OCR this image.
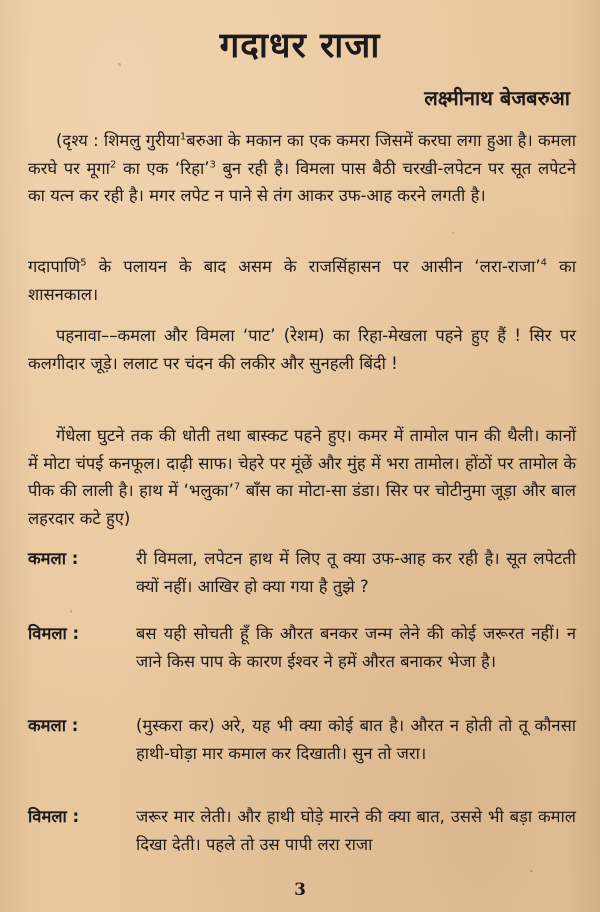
गदाधर राजा
लक्ष्मीनाथ बेजबरुआ
(दृश्य : शिमलु गुरीया$^1$बरुआ के मकान का एक कमरा जिसमें करघा लगा हुआ है। कमला करघे पर मूगा$^2$ का एक ‘रिहा’$^3$ बुन रही है। विमला पास बैठी चरखी-लपेटन पर सूत लपेटने का यत्न कर रही है। मगर लपेट न पाने से तंग आकर उफ-आह करने लगती है।
गदापाणि$^5$ के पलायन के बाद असम के राजसिंहासन पर आसीन ‘लरा-राजा’$^4$ का शासनकाल।
पहनावा––कमला और विमला ‘पाट’ (रेशम) का रिहा-मेखला पहने हुए हैं ! सिर पर कलगीदार जूड़े। ललाट पर चंदन की लकीर और सुनहली बिंदी !
गेंधेला घुटने तक की धोती तथा बास्कट पहने हुए। कमर में तामोल पान की थैली। कानों में मोटा चंपई कनफूल। दाढ़ी साफ। चेहरे पर मूंछें और मुंह में भरा तामोल। होंठों पर तामोल के पीक की लाली है। हाथ में ‘भलुका’$^7$ बाँस का मोटा-सा डंडा। सिर पर चोटीनुमा जूड़ा और बाल लहरदार कटे हुए)
कमला :	री विमला, लपेटन हाथ में लिए तू क्या उफ-आह कर रही है। सूत लपेटती क्यों नहीं। आखिर हो क्या गया है तुझे ?
विमला :	बस यही सोचती हूँ कि औरत बनकर जन्म लेने की कोई जरूरत नहीं। न जाने किस पाप के कारण ईश्वर ने हमें औरत बनाकर भेजा है।
कमला :	(मुस्करा कर) अरे, यह भी क्या कोई बात है। औरत न होती तो तू कौनसा हाथी-घोड़ा मार कमाल कर दिखाती। सुन तो जरा।
विमला :	जरूर मार लेती। और हाथी घोड़े मारने की क्या बात, उससे भी बड़ा कमाल दिखा देती। पहले तो उस पापी लरा राजा
3
